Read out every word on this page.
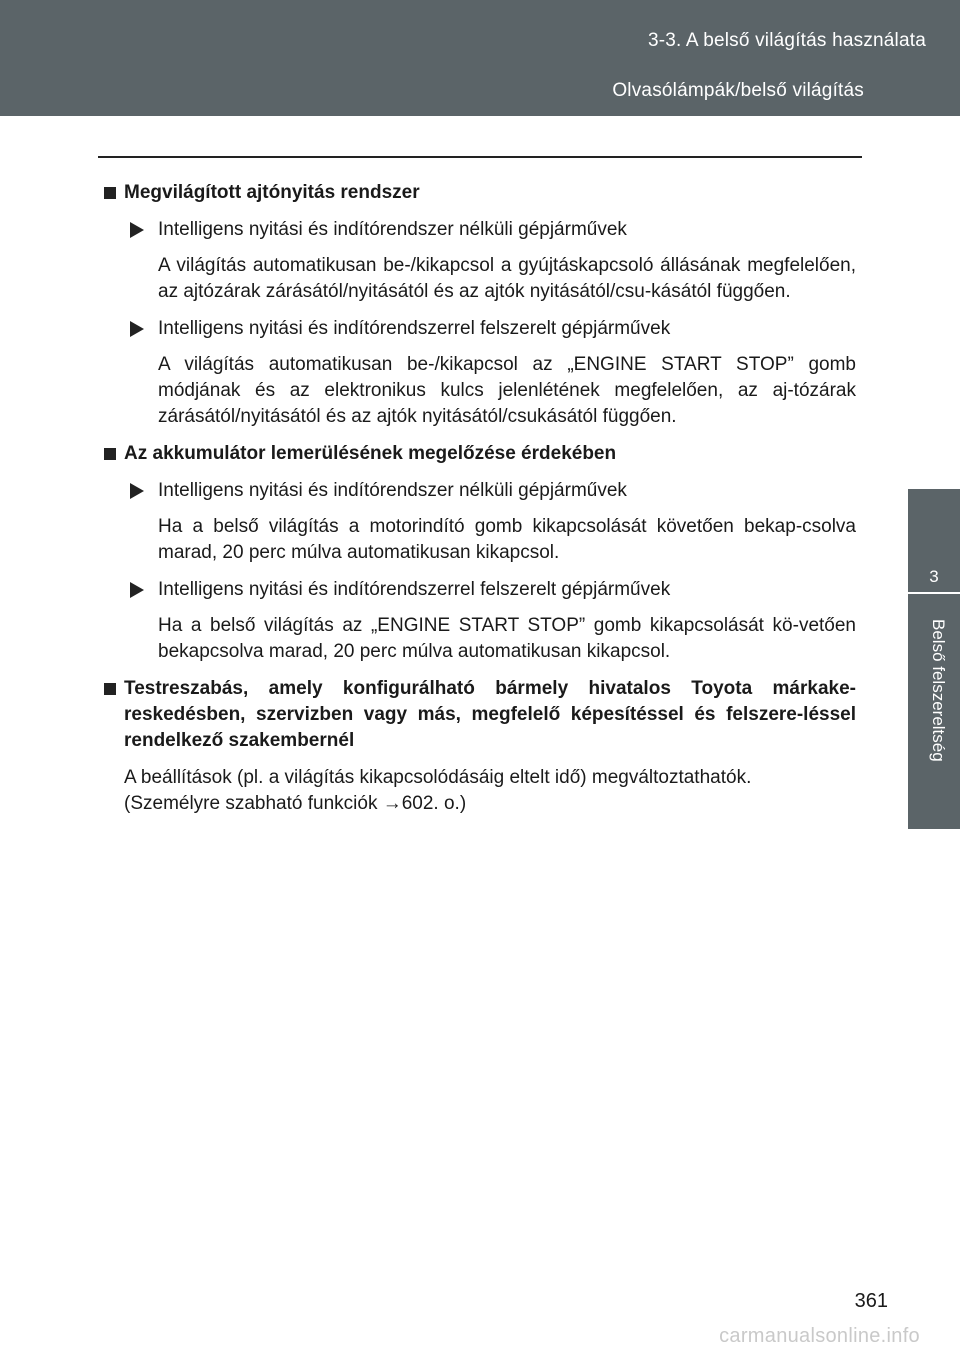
3-3. A belső világítás használata
Olvasólámpák/belső világítás
3
Belső felszereltség
Megvilágított ajtónyitás rendszer
Intelligens nyitási és indítórendszer nélküli gépjárművek
A világítás automatikusan be-/kikapcsol a gyújtáskapcsoló állásának megfelelően, az ajtózárak zárásától/nyitásától és az ajtók nyitásától/csu-kásától függően.
Intelligens nyitási és indítórendszerrel felszerelt gépjárművek
A világítás automatikusan be-/kikapcsol az „ENGINE START STOP” gomb módjának és az elektronikus kulcs jelenlétének megfelelően, az aj-tózárak zárásától/nyitásától és az ajtók nyitásától/csukásától függően.
Az akkumulátor lemerülésének megelőzése érdekében
Intelligens nyitási és indítórendszer nélküli gépjárművek
Ha a belső világítás a motorindító gomb kikapcsolását követően bekap-csolva marad, 20 perc múlva automatikusan kikapcsol.
Intelligens nyitási és indítórendszerrel felszerelt gépjárművek
Ha a belső világítás az „ENGINE START STOP” gomb kikapcsolását kö-vetően bekapcsolva marad, 20 perc múlva automatikusan kikapcsol.
Testreszabás, amely konfigurálható bármely hivatalos Toyota márkake-reskedésben, szervizben vagy más, megfelelő képesítéssel és felszere-léssel rendelkező szakembernél
A beállítások (pl. a világítás kikapcsolódásáig eltelt idő) megváltoztathatók.
(Személyre szabható funkciók →602. o.)
361
carmanualsonline.info
